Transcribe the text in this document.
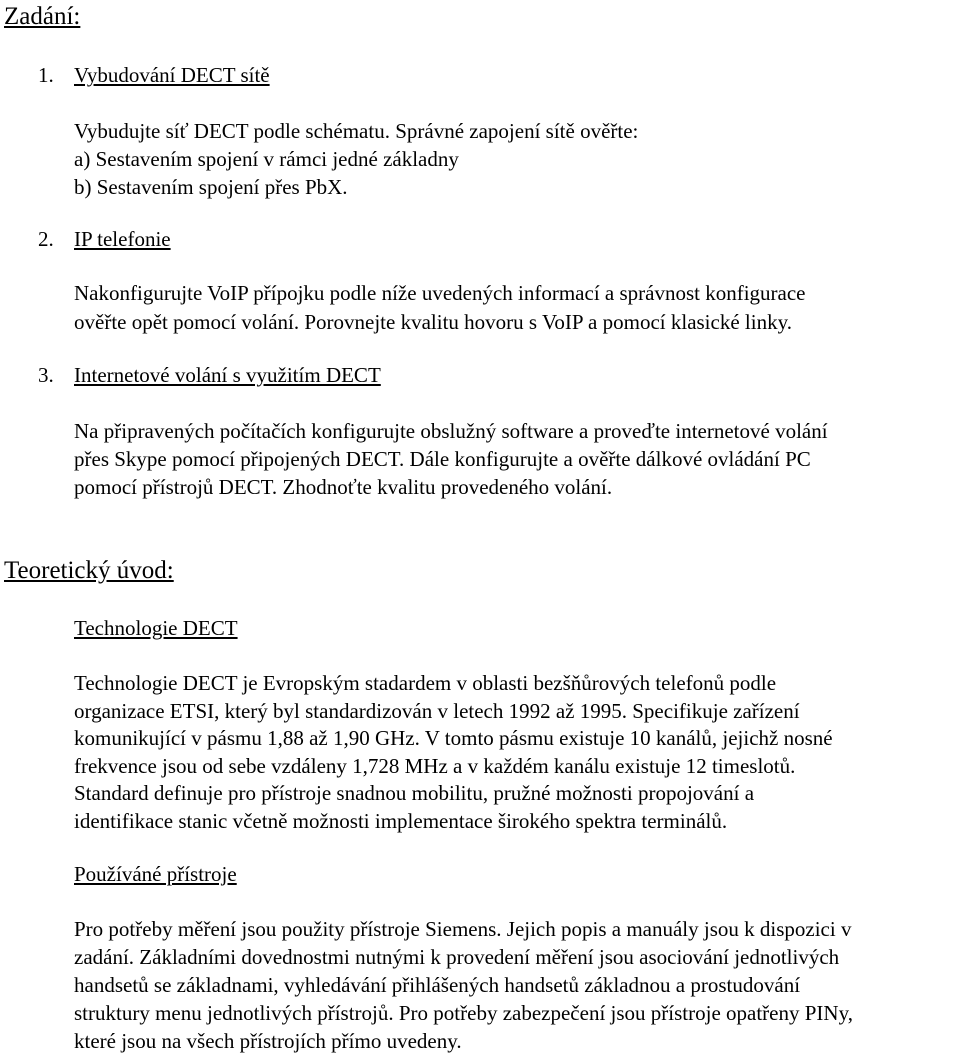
Zadání:
1. Vybudování DECT sítě

Vybudujte síť DECT podle schématu. Správné zapojení sítě ověřte:
a) Sestavením spojení v rámci jedné základny
b) Sestavením spojení přes PbX.

2. IP telefonie

Nakonfigurujte VoIP přípojku podle níže uvedených informací a správnost konfigurace
ověřte opět pomocí volání. Porovnejte kvalitu hovoru s VoIP a pomocí klasické linky.

3. Internetové volání s využitím DECT

Na připravených počítačích konfigurujte obslužný software a proveďte internetové volání
přes Skype pomocí připojených DECT. Dále konfigurujte a ověřte dálkové ovládání PC
pomocí přístrojů DECT. Zhodnoťte kvalitu provedeného volání.

Teoretický úvod:
Technologie DECT

Technologie DECT je Evropským stadardem v oblasti bezšňůrových telefonů podle
organizace ETSI, který byl standardizován v letech 1992 až 1995. Specifikuje zařízení
komunikující v pásmu 1,88 až 1,90 GHz. V tomto pásmu existuje 10 kanálů, jejichž nosné
frekvence jsou od sebe vzdáleny 1,728 MHz a v každém kanálu existuje 12 timeslotů.
Standard definuje pro přístroje snadnou mobilitu, pružné možnosti propojování a
identifikace stanic včetně možnosti implementace širokého spektra terminálů.

Používáné přístroje

Pro potřeby měření jsou použity přístroje Siemens. Jejich popis a manuály jsou k dispozici v
zadání. Základními dovednostmi nutnými k provedení měření jsou asociování jednotlivých
handsetů se základnami, vyhledávání přihlášených handsetů základnou a prostudování
struktury menu jednotlivých přístrojů. Pro potřeby zabezpečení jsou přístroje opatřeny PINy,
které jsou na všech přístrojích přímo uvedeny.
